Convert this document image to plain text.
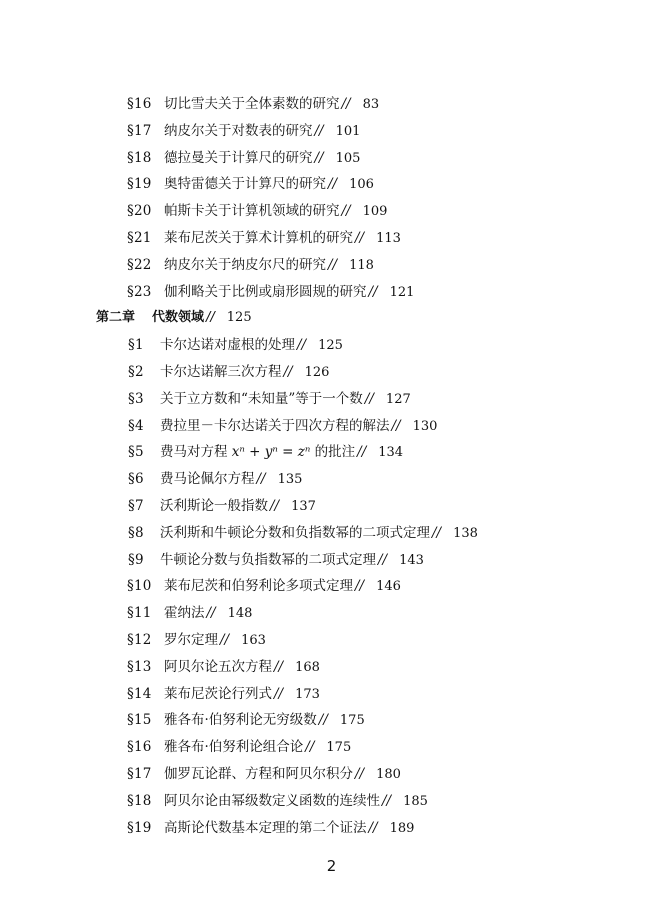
§16 切比雪夫关于全体素数的研究 // 83
§17 纳皮尔关于对数表的研究 // 101
§18 德拉曼关于计算尺的研究 // 105
§19 奥特雷德关于计算尺的研究 // 106
§20 帕斯卡关于计算机领域的研究 // 109
§21 莱布尼茨关于算术计算机的研究 // 113
§22 纳皮尔关于纳皮尔尺的研究 // 118
§23 伽利略关于比例或扇形圆规的研究 // 121
第二章 代数领域 // 125
§1 卡尔达诺对虚根的处理 // 125
§2 卡尔达诺解三次方程 // 126
§3 关于立方数和“未知量”等于一个数 // 127
§4 费拉里－卡尔达诺关于四次方程的解法 // 130
§5 费马对方程 xⁿ + yⁿ = zⁿ 的批注 // 134
§6 费马论佩尔方程 // 135
§7 沃利斯论一般指数 // 137
§8 沃利斯和牛顿论分数和负指数幂的二项式定理 // 138
§9 牛顿论分数与负指数幂的二项式定理 // 143
§10 莱布尼茨和伯努利论多项式定理 // 146
§11 霍纳法 // 148
§12 罗尔定理 // 163
§13 阿贝尔论五次方程 // 168
§14 莱布尼茨论行列式 // 173
§15 雅各布·伯努利论无穷级数 // 175
§16 雅各布·伯努利论组合论 // 175
§17 伽罗瓦论群、方程和阿贝尔积分 // 180
§18 阿贝尔论由幂级数定义函数的连续性 // 185
§19 高斯论代数基本定理的第二个证法 // 189
2
